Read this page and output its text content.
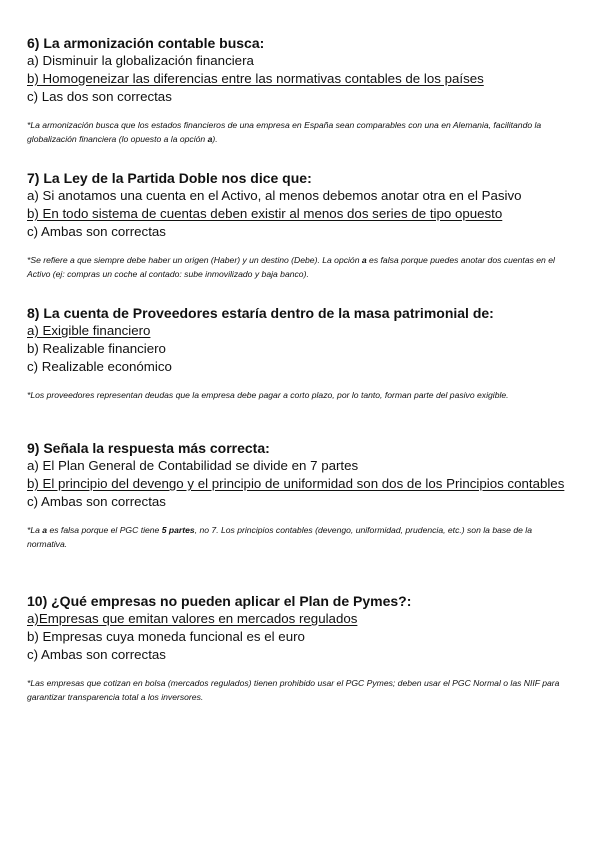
6) La armonización contable busca:

a) Disminuir la globalización financiera

b) Homogeneizar las diferencias entre las normativas contables de los países

c) Las dos son correctas

*La armonización busca que los estados financieros de una empresa en España sean comparables con una en Alemania, facilitando la globalización financiera (lo opuesto a la opción a).

7) La Ley de la Partida Doble nos dice que:

a) Si anotamos una cuenta en el Activo, al menos debemos anotar otra en el Pasivo

b) En todo sistema de cuentas deben existir al menos dos series de tipo opuesto

c) Ambas son correctas

*Se refiere a que siempre debe haber un origen (Haber) y un destino (Debe). La opción a es falsa porque puedes anotar dos cuentas en el Activo (ej: compras un coche al contado: sube inmovilizado y baja banco).

8) La cuenta de Proveedores estaría dentro de la masa patrimonial de:

a) Exigible financiero

b) Realizable financiero

c) Realizable económico

*Los proveedores representan deudas que la empresa debe pagar a corto plazo, por lo tanto, forman parte del pasivo exigible.

9) Señala la respuesta más correcta:

a) El Plan General de Contabilidad se divide en 7 partes

b) El principio del devengo y el principio de uniformidad son dos de los Principios contables

c) Ambas son correctas

*La a es falsa porque el PGC tiene 5 partes, no 7. Los principios contables (devengo, uniformidad, prudencia, etc.) son la base de la normativa.

10) ¿Qué empresas no pueden aplicar el Plan de Pymes?:

a)Empresas que emitan valores en mercados regulados

b) Empresas cuya moneda funcional es el euro

c) Ambas son correctas

*Las empresas que cotizan en bolsa (mercados regulados) tienen prohibido usar el PGC Pymes; deben usar el PGC Normal o las NIIF para garantizar transparencia total a los inversores.
